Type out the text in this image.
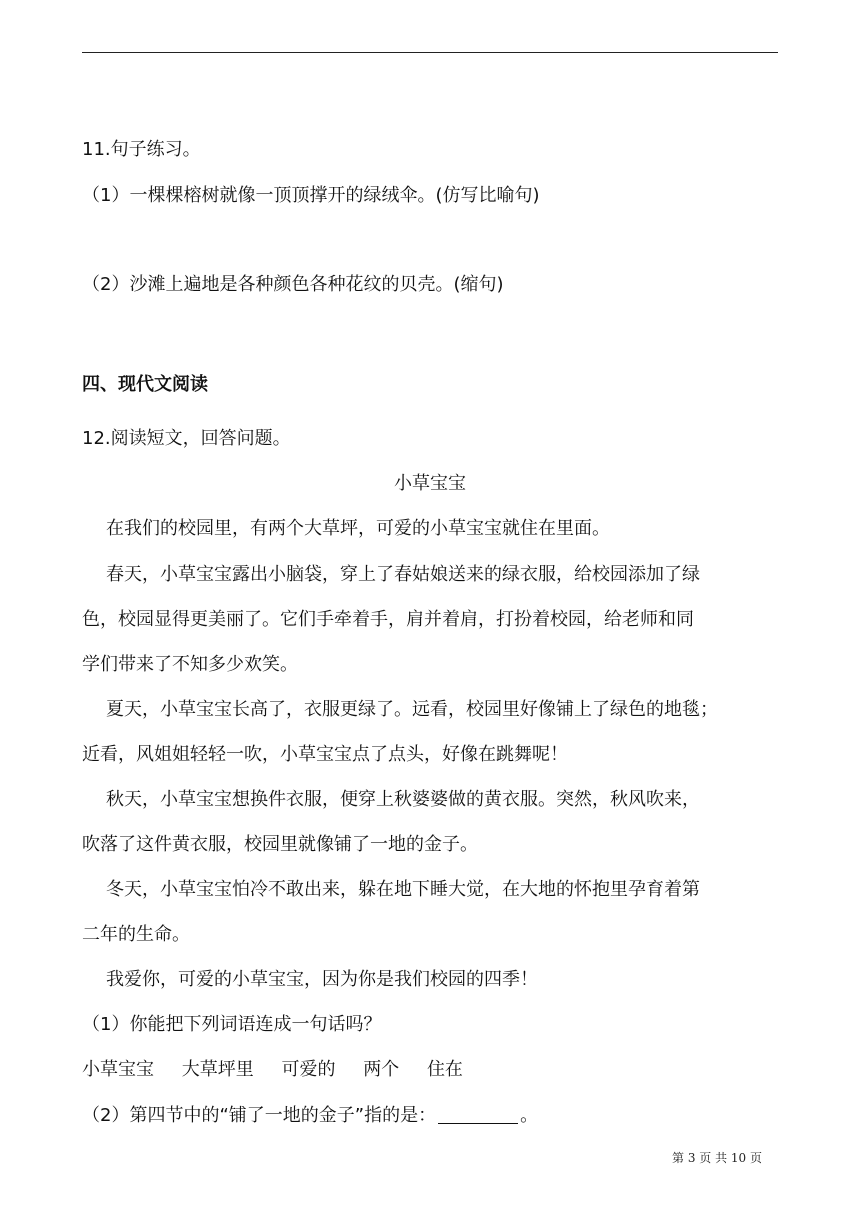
11.句子练习。
（1）一棵棵榕树就像一顶顶撑开的绿绒伞。(仿写比喻句)
（2）沙滩上遍地是各种颜色各种花纹的贝壳。(缩句)
四、现代文阅读
12.阅读短文，回答问题。
小草宝宝
在我们的校园里，有两个大草坪，可爱的小草宝宝就住在里面。
春天，小草宝宝露出小脑袋，穿上了春姑娘送来的绿衣服，给校园添加了绿
色，校园显得更美丽了。它们手牵着手，肩并着肩，打扮着校园，给老师和同
学们带来了不知多少欢笑。
夏天，小草宝宝长高了，衣服更绿了。远看，校园里好像铺上了绿色的地毯；
近看，风姐姐轻轻一吹，小草宝宝点了点头，好像在跳舞呢！
秋天，小草宝宝想换件衣服，便穿上秋婆婆做的黄衣服。突然，秋风吹来，
吹落了这件黄衣服，校园里就像铺了一地的金子。
冬天，小草宝宝怕冷不敢出来，躲在地下睡大觉，在大地的怀抱里孕育着第
二年的生命。
我爱你，可爱的小草宝宝，因为你是我们校园的四季！
（1）你能把下列词语连成一句话吗？
小草宝宝 大草坪里 可爱的 两个 住在
（2）第四节中的“铺了一地的金子”指的是：	。
第 3 页 共 10 页
